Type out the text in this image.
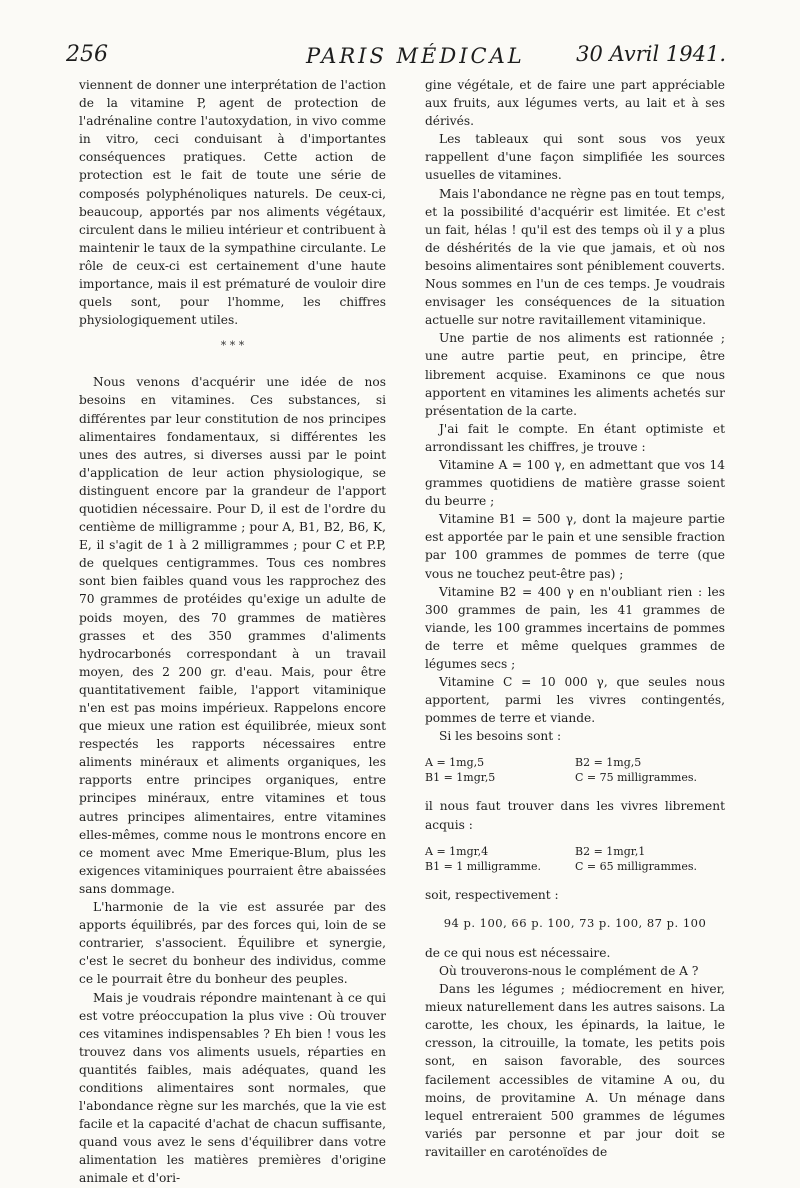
256	PARIS MÉDICAL 30 Avril 1941.

viennent de donner une interprétation de l'action de la vitamine P, agent de protection de l'adrénaline contre l'autoxydation, in vivo comme in vitro, ceci conduisant à d'importantes conséquences pratiques. Cette action de protection est le fait de toute une série de composés polyphénoliques naturels. De ceux-ci, beaucoup, apportés par nos aliments végétaux, circulent dans le milieu intérieur et contribuent à maintenir le taux de la sympathine circulante. Le rôle de ceux-ci est certainement d'une haute importance, mais il est prématuré de vouloir dire quels sont, pour l'homme, les chiffres physiologiquement utiles.

* * *

Nous venons d'acquérir une idée de nos besoins en vitamines. Ces substances, si différentes par leur constitution de nos principes alimentaires fondamentaux, si différentes les unes des autres, si diverses aussi par le point d'application de leur action physiologique, se distinguent encore par la grandeur de l'apport quotidien nécessaire. Pour D, il est de l'ordre du centième de milligramme ; pour A, B1, B2, B6, K, E, il s'agit de 1 à 2 milligrammes ; pour C et P.P, de quelques centigrammes. Tous ces nombres sont bien faibles quand vous les rapprochez des 70 grammes de protéides qu'exige un adulte de poids moyen, des 70 grammes de matières grasses et des 350 grammes d'aliments hydrocarbonés correspondant à un travail moyen, des 2 200 gr. d'eau. Mais, pour être quantitativement faible, l'apport vitaminique n'en est pas moins impérieux. Rappelons encore que mieux une ration est équilibrée, mieux sont respectés les rapports nécessaires entre aliments minéraux et aliments organiques, les rapports entre principes organiques, entre principes minéraux, entre vitamines et tous autres principes alimentaires, entre vitamines elles-mêmes, comme nous le montrons encore en ce moment avec Mme Emerique-Blum, plus les exigences vitaminiques pourraient être abaissées sans dommage.

L'harmonie de la vie est assurée par des apports équilibrés, par des forces qui, loin de se contrarier, s'associent. Équilibre et synergie, c'est le secret du bonheur des individus, comme ce le pourrait être du bonheur des peuples.

Mais je voudrais répondre maintenant à ce qui est votre préoccupation la plus vive : Où trouver ces vitamines indispensables ? Eh bien ! vous les trouvez dans vos aliments usuels, réparties en quantités faibles, mais adéquates, quand les conditions alimentaires sont normales, que l'abondance règne sur les marchés, que la vie est facile et la capacité d'achat de chacun suffisante, quand vous avez le sens d'équilibrer dans votre alimentation les matières premières d'origine animale et d'ori-

gine végétale, et de faire une part appréciable aux fruits, aux légumes verts, au lait et à ses dérivés.

Les tableaux qui sont sous vos yeux rappellent d'une façon simplifiée les sources usuelles de vitamines.

Mais l'abondance ne règne pas en tout temps, et la possibilité d'acquérir est limitée. Et c'est un fait, hélas ! qu'il est des temps où il y a plus de déshérités de la vie que jamais, et où nos besoins alimentaires sont péniblement couverts. Nous sommes en l'un de ces temps. Je voudrais envisager les conséquences de la situation actuelle sur notre ravitaillement vitaminique.

Une partie de nos aliments est rationnée ; une autre partie peut, en principe, être librement acquise. Examinons ce que nous apportent en vitamines les aliments achetés sur présentation de la carte.

J'ai fait le compte. En étant optimiste et arrondissant les chiffres, je trouve :

Vitamine A = 100 γ, en admettant que vos 14 grammes quotidiens de matière grasse soient du beurre ;

Vitamine B1 = 500 γ, dont la majeure partie est apportée par le pain et une sensible fraction par 100 grammes de pommes de terre (que vous ne touchez peut-être pas) ;

Vitamine B2 = 400 γ en n'oubliant rien : les 300 grammes de pain, les 41 grammes de viande, les 100 grammes incertains de pommes de terre et même quelques grammes de légumes secs ;

Vitamine C = 10 000 γ, que seules nous apportent, parmi les vivres contingentés, pommes de terre et viande.

Si les besoins sont :

A = 1mg,5	B2 = 1mg,5
B1 = 1mgr,5	C = 75 milligrammes.

il nous faut trouver dans les vivres librement acquis :

A = 1mgr,4	B2 = 1mgr,1
B1 = 1 milligramme.	C = 65 milligrammes.

soit, respectivement :

94 p. 100, 66 p. 100, 73 p. 100, 87 p. 100

de ce qui nous est nécessaire.

Où trouverons-nous le complément de A ?

Dans les légumes ; médiocrement en hiver, mieux naturellement dans les autres saisons. La carotte, les choux, les épinards, la laitue, le cresson, la citrouille, la tomate, les petits pois sont, en saison favorable, des sources facilement accessibles de vitamine A ou, du moins, de provitamine A. Un ménage dans lequel entreraient 500 grammes de légumes variés par personne et par jour doit se ravitailler en caroténoïdes de
